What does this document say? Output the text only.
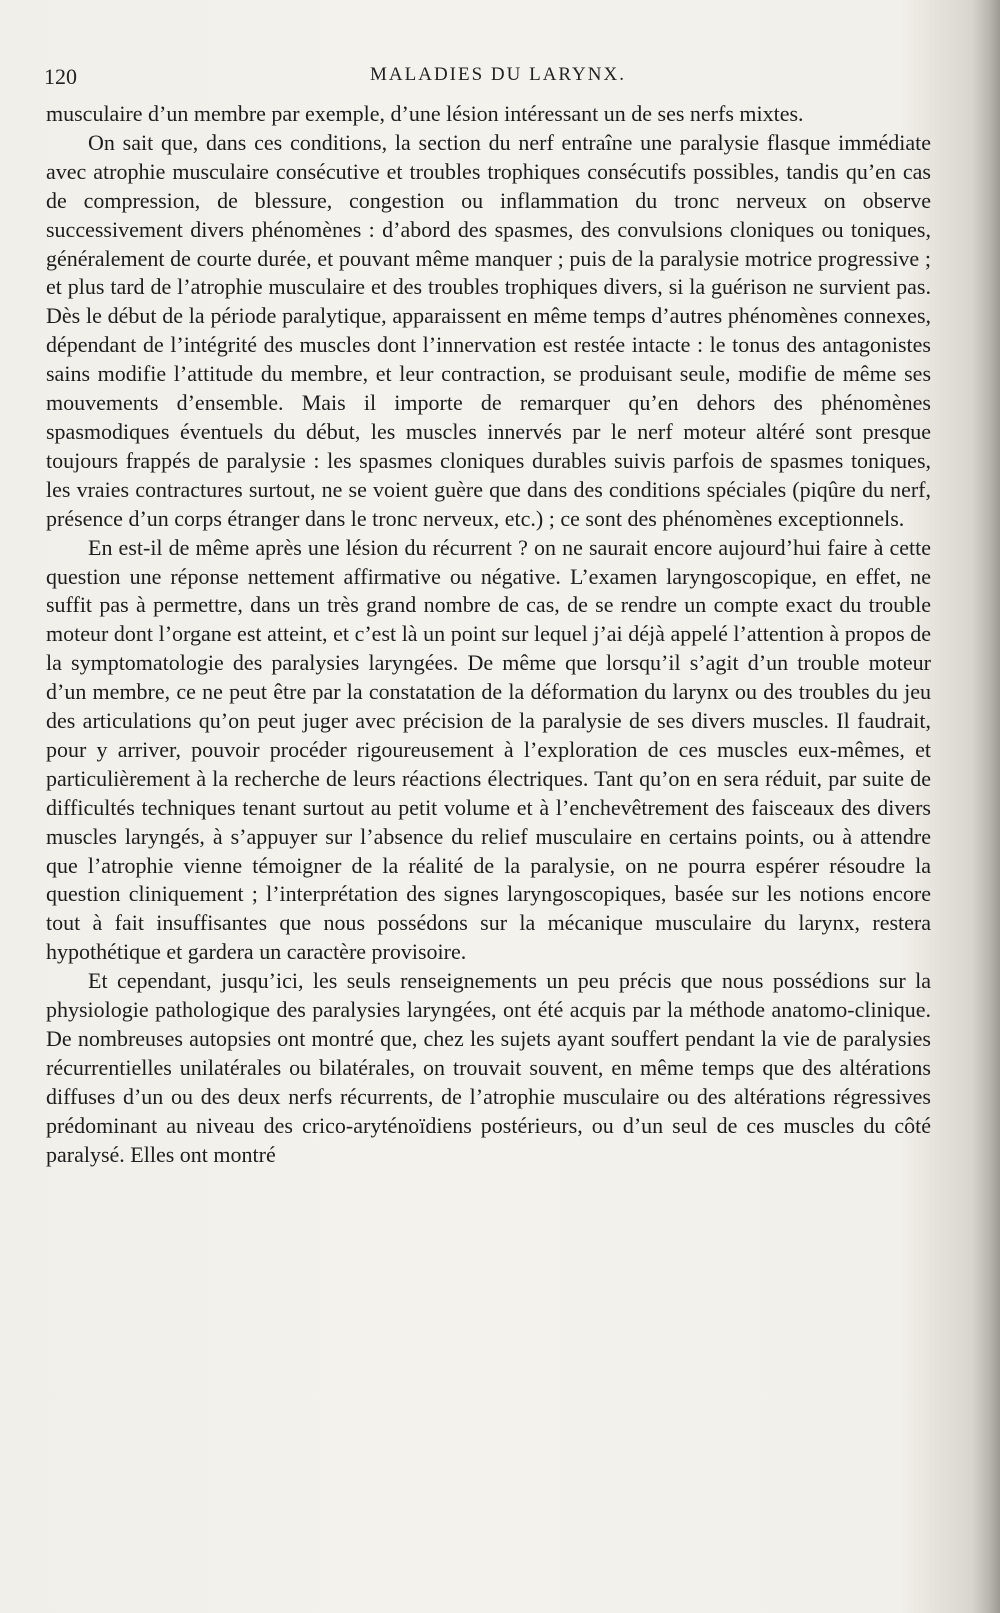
120	MALADIES DU LARYNX.

musculaire d’un membre par exemple, d’une lésion intéressant un de ses nerfs mixtes.

On sait que, dans ces conditions, la section du nerf entraîne une paralysie flasque immédiate avec atrophie musculaire consécutive et troubles trophiques consécutifs possibles, tandis qu’en cas de compression, de blessure, congestion ou inflammation du tronc nerveux on observe successivement divers phénomènes : d’abord des spasmes, des convulsions cloniques ou toniques, généralement de courte durée, et pouvant même manquer ; puis de la paralysie motrice progressive ; et plus tard de l’atrophie musculaire et des troubles trophiques divers, si la guérison ne survient pas. Dès le début de la période paralytique, apparaissent en même temps d’autres phénomènes connexes, dépendant de l’intégrité des muscles dont l’innervation est restée intacte : le tonus des antagonistes sains modifie l’attitude du membre, et leur contraction, se produisant seule, modifie de même ses mouvements d’ensemble. Mais il importe de remarquer qu’en dehors des phénomènes spasmodiques éventuels du début, les muscles innervés par le nerf moteur altéré sont presque toujours frappés de paralysie : les spasmes cloniques durables suivis parfois de spasmes toniques, les vraies contractures surtout, ne se voient guère que dans des conditions spéciales (piqûre du nerf, présence d’un corps étranger dans le tronc nerveux, etc.) ; ce sont des phénomènes exceptionnels.

En est-il de même après une lésion du récurrent ? on ne saurait encore aujourd’hui faire à cette question une réponse nettement affirmative ou négative. L’examen laryngoscopique, en effet, ne suffit pas à permettre, dans un très grand nombre de cas, de se rendre un compte exact du trouble moteur dont l’organe est atteint, et c’est là un point sur lequel j’ai déjà appelé l’attention à propos de la symptomatologie des paralysies laryngées. De même que lorsqu’il s’agit d’un trouble moteur d’un membre, ce ne peut être par la constatation de la déformation du larynx ou des troubles du jeu des articulations qu’on peut juger avec précision de la paralysie de ses divers muscles. Il faudrait, pour y arriver, pouvoir procéder rigoureusement à l’exploration de ces muscles eux-mêmes, et particulièrement à la recherche de leurs réactions électriques. Tant qu’on en sera réduit, par suite de difficultés techniques tenant surtout au petit volume et à l’enchevêtrement des faisceaux des divers muscles laryngés, à s’appuyer sur l’absence du relief musculaire en certains points, ou à attendre que l’atrophie vienne témoigner de la réalité de la paralysie, on ne pourra espérer résoudre la question cliniquement ; l’interprétation des signes laryngoscopiques, basée sur les notions encore tout à fait insuffisantes que nous possédons sur la mécanique musculaire du larynx, restera hypothétique et gardera un caractère provisoire.

Et cependant, jusqu’ici, les seuls renseignements un peu précis que nous possédions sur la physiologie pathologique des paralysies laryngées, ont été acquis par la méthode anatomo-clinique. De nombreuses autopsies ont montré que, chez les sujets ayant souffert pendant la vie de paralysies récurrentielles unilatérales ou bilatérales, on trouvait souvent, en même temps que des altérations diffuses d’un ou des deux nerfs récurrents, de l’atrophie musculaire ou des altérations régressives prédominant au niveau des crico-aryténoïdiens postérieurs, ou d’un seul de ces muscles du côté paralysé. Elles ont montré
